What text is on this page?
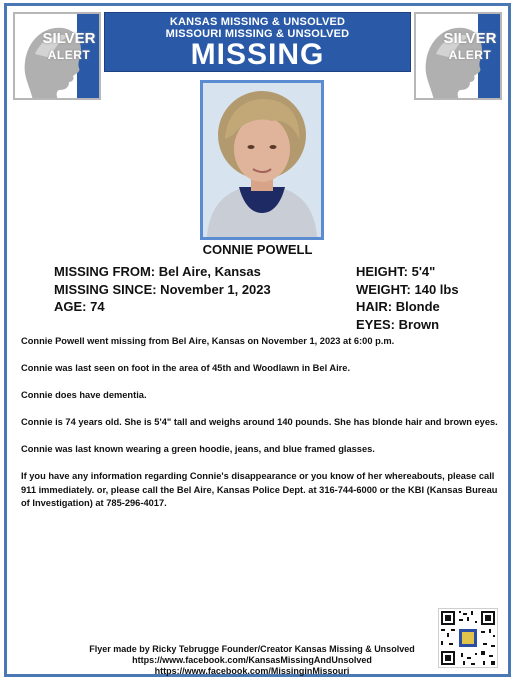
SILVER
ALERT
KANSAS MISSING & UNSOLVED
MISSOURI MISSING & UNSOLVED
MISSING	SILVER
ALERT
CONNIE POWELL
MISSING FROM: Bel Aire, Kansas
MISSING SINCE: November 1, 2023
AGE: 74
HEIGHT: 5'4"
WEIGHT: 140 lbs
HAIR: Blonde
EYES: Brown

Connie Powell went missing from Bel Aire, Kansas on November 1, 2023 at 6:00 p.m.

Connie was last seen on foot in the area of 45th and Woodlawn in Bel Aire.

Connie does have dementia.

Connie is 74 years old. She is 5'4" tall and weighs around 140 pounds. She has blonde hair and brown eyes.

Connie was last known wearing a green hoodie, jeans, and blue framed glasses.

If you have any information regarding Connie's disappearance or you know of her whereabouts, please call 911 immediately. or, please call the Bel Aire, Kansas Police Dept. at 316-744-6000 or the KBI (Kansas Bureau of Investigation) at 785-296-4017.

Flyer made by Ricky Tebrugge Founder/Creator Kansas Missing & Unsolved
https://www.facebook.com/KansasMissingAndUnsolved
https://www.facebook.com/MissinginMissouri
